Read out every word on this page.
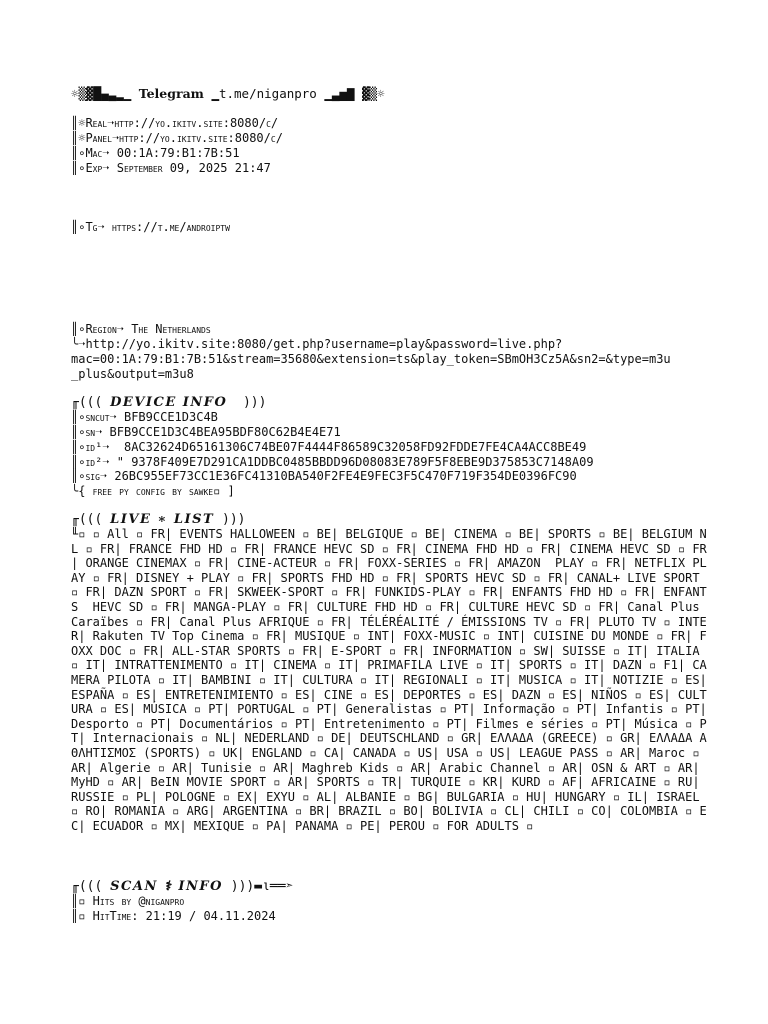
☼▒▓█▄▃▂▁ Telegram ▁t.me/niganpro ▁▃▅▇ ▓▒☼
║☼Real➝http://yo.ikitv.site:8080/c/
║☼Panel➝http://yo.ikitv.site:8080/c/
║∘Mac➝ 00:1A:79:B1:7B:51
║∘Exp➝ September 09, 2025 21:47
║∘Tg➝ https://t.me/androiptw
║∘Region➝ The Netherlands
╰➝http://yo.ikitv.site:8080/get.php?username=play&password=live.php?
mac=00:1A:79:B1:7B:51&stream=35680&extension=ts&play_token=SBmOH3Cz5A&sn2=&type=m3u
_plus&output=m3u8
╓((( DEVICE INFO  )))
║∘sncut➝ BFB9CCE1D3C4B
║∘sn➝ BFB9CCE1D3C4BEA95BDF80C62B4E4E71
║∘id¹➝  8AC32624D65161306C74BE07F4444F86589C32058FD92FDDE7FE4CA4ACC8BE49
║∘id²➝ " 9378F409E7D291CA1DDBC0485BBDD96D08083E789F5F8EBE9D375853C7148A09
║∘sig➝ 26BC955EF73CC1E36FC41310BA540F2FE4E9FEC3F5C470F719F354DE0396FC90
╰{ free py config by sawke▫ ]
╓((( LIVE ∗ LIST )))
╙▫ ▫ All ▫ FR| EVENTS HALLOWEEN ▫ BE| BELGIQUE ▫ BE| CINEMA ▫ BE| SPORTS ▫ BE| BELGIUM NL ▫ FR| FRANCE FHD HD ▫ FR| FRANCE HEVC SD ▫ FR| CINEMA FHD HD ▫ FR| CINEMA HEVC SD ▫ FR| ORANGE CINEMAX ▫ FR| CINE-ACTEUR ▫ FR| FOXX-SERIES ▫ FR| AMAZON  PLAY ▫ FR| NETFLIX PLAY ▫ FR| DISNEY + PLAY ▫ FR| SPORTS FHD HD ▫ FR| SPORTS HEVC SD ▫ FR| CANAL+ LIVE SPORT ▫ FR| DAZN SPORT ▫ FR| SKWEEK-SPORT ▫ FR| FUNKIDS-PLAY ▫ FR| ENFANTS FHD HD ▫ FR| ENFANTS  HEVC SD ▫ FR| MANGA-PLAY ▫ FR| CULTURE FHD HD ▫ FR| CULTURE HEVC SD ▫ FR| Canal Plus Caraïbes ▫ FR| Canal Plus AFRIQUE ▫ FR| TÉLÉRÉALITÉ / ÉMISSIONS TV ▫ FR| PLUTO TV ▫ INTER| Rakuten TV Top Cinema ▫ FR| MUSIQUE ▫ INT| FOXX-MUSIC ▫ INT| CUISINE DU MONDE ▫ FR| FOXX DOC ▫ FR| ALL-STAR SPORTS ▫ FR| E-SPORT ▫ FR| INFORMATION ▫ SW| SUISSE ▫ IT| ITALIA ▫ IT| INTRATTENIMENTO ▫ IT| CINEMA ▫ IT| PRIMAFILA LIVE ▫ IT| SPORTS ▫ IT| DAZN ▫ F1| CAMERA PILOTA ▫ IT| BAMBINI ▫ IT| CULTURA ▫ IT| REGIONALI ▫ IT| MUSICA ▫ IT| NOTIZIE ▫ ES| ESPAÑA ▫ ES| ENTRETENIMIENTO ▫ ES| CINE ▫ ES| DEPORTES ▫ ES| DAZN ▫ ES| NIÑOS ▫ ES| CULTURA ▫ ES| MÚSICA ▫ PT| PORTUGAL ▫ PT| Generalistas ▫ PT| Informação ▫ PT| Infantis ▫ PT| Desporto ▫ PT| Documentários ▫ PT| Entretenimento ▫ PT| Filmes e séries ▫ PT| Música ▫ PT| Internacionais ▫ NL| NEDERLAND ▫ DE| DEUTSCHLAND ▫ GR| ΕΛΛΑΔΑ (GREECE) ▫ GR| ΕΛΛΑΔΑ ΑΘΛΗΤΙΣΜΟΣ (SPORTS) ▫ UK| ENGLAND ▫ CA| CANADA ▫ US| USA ▫ US| LEAGUE PASS ▫ AR| Maroc ▫ AR| Algerie ▫ AR| Tunisie ▫ AR| Maghreb Kids ▫ AR| Arabic Channel ▫ AR| OSN & ART ▫ AR| MyHD ▫ AR| BeIN MOVIE SPORT ▫ AR| SPORTS ▫ TR| TURQUIE ▫ KR| KURD ▫ AF| AFRICAINE ▫ RU| RUSSIE ▫ PL| POLOGNE ▫ EX| EXYU ▫ AL| ALBANIE ▫ BG| BULGARIA ▫ HU| HUNGARY ▫ IL| ISRAEL ▫ RO| ROMANIA ▫ ARG| ARGENTINA ▫ BR| BRAZIL ▫ BO| BOLIVIA ▫ CL| CHILI ▫ CO| COLOMBIA ▫ EC| ECUADOR ▫ MX| MEXIQUE ▫ PA| PANAMA ▫ PE| PEROU ▫ FOR ADULTS ▫
╓((( SCAN ⚕ INFO )))▬ι══➣
║▫ Hits by @niganpro
║▫ HitTime: 21:19 / 04.11.2024
